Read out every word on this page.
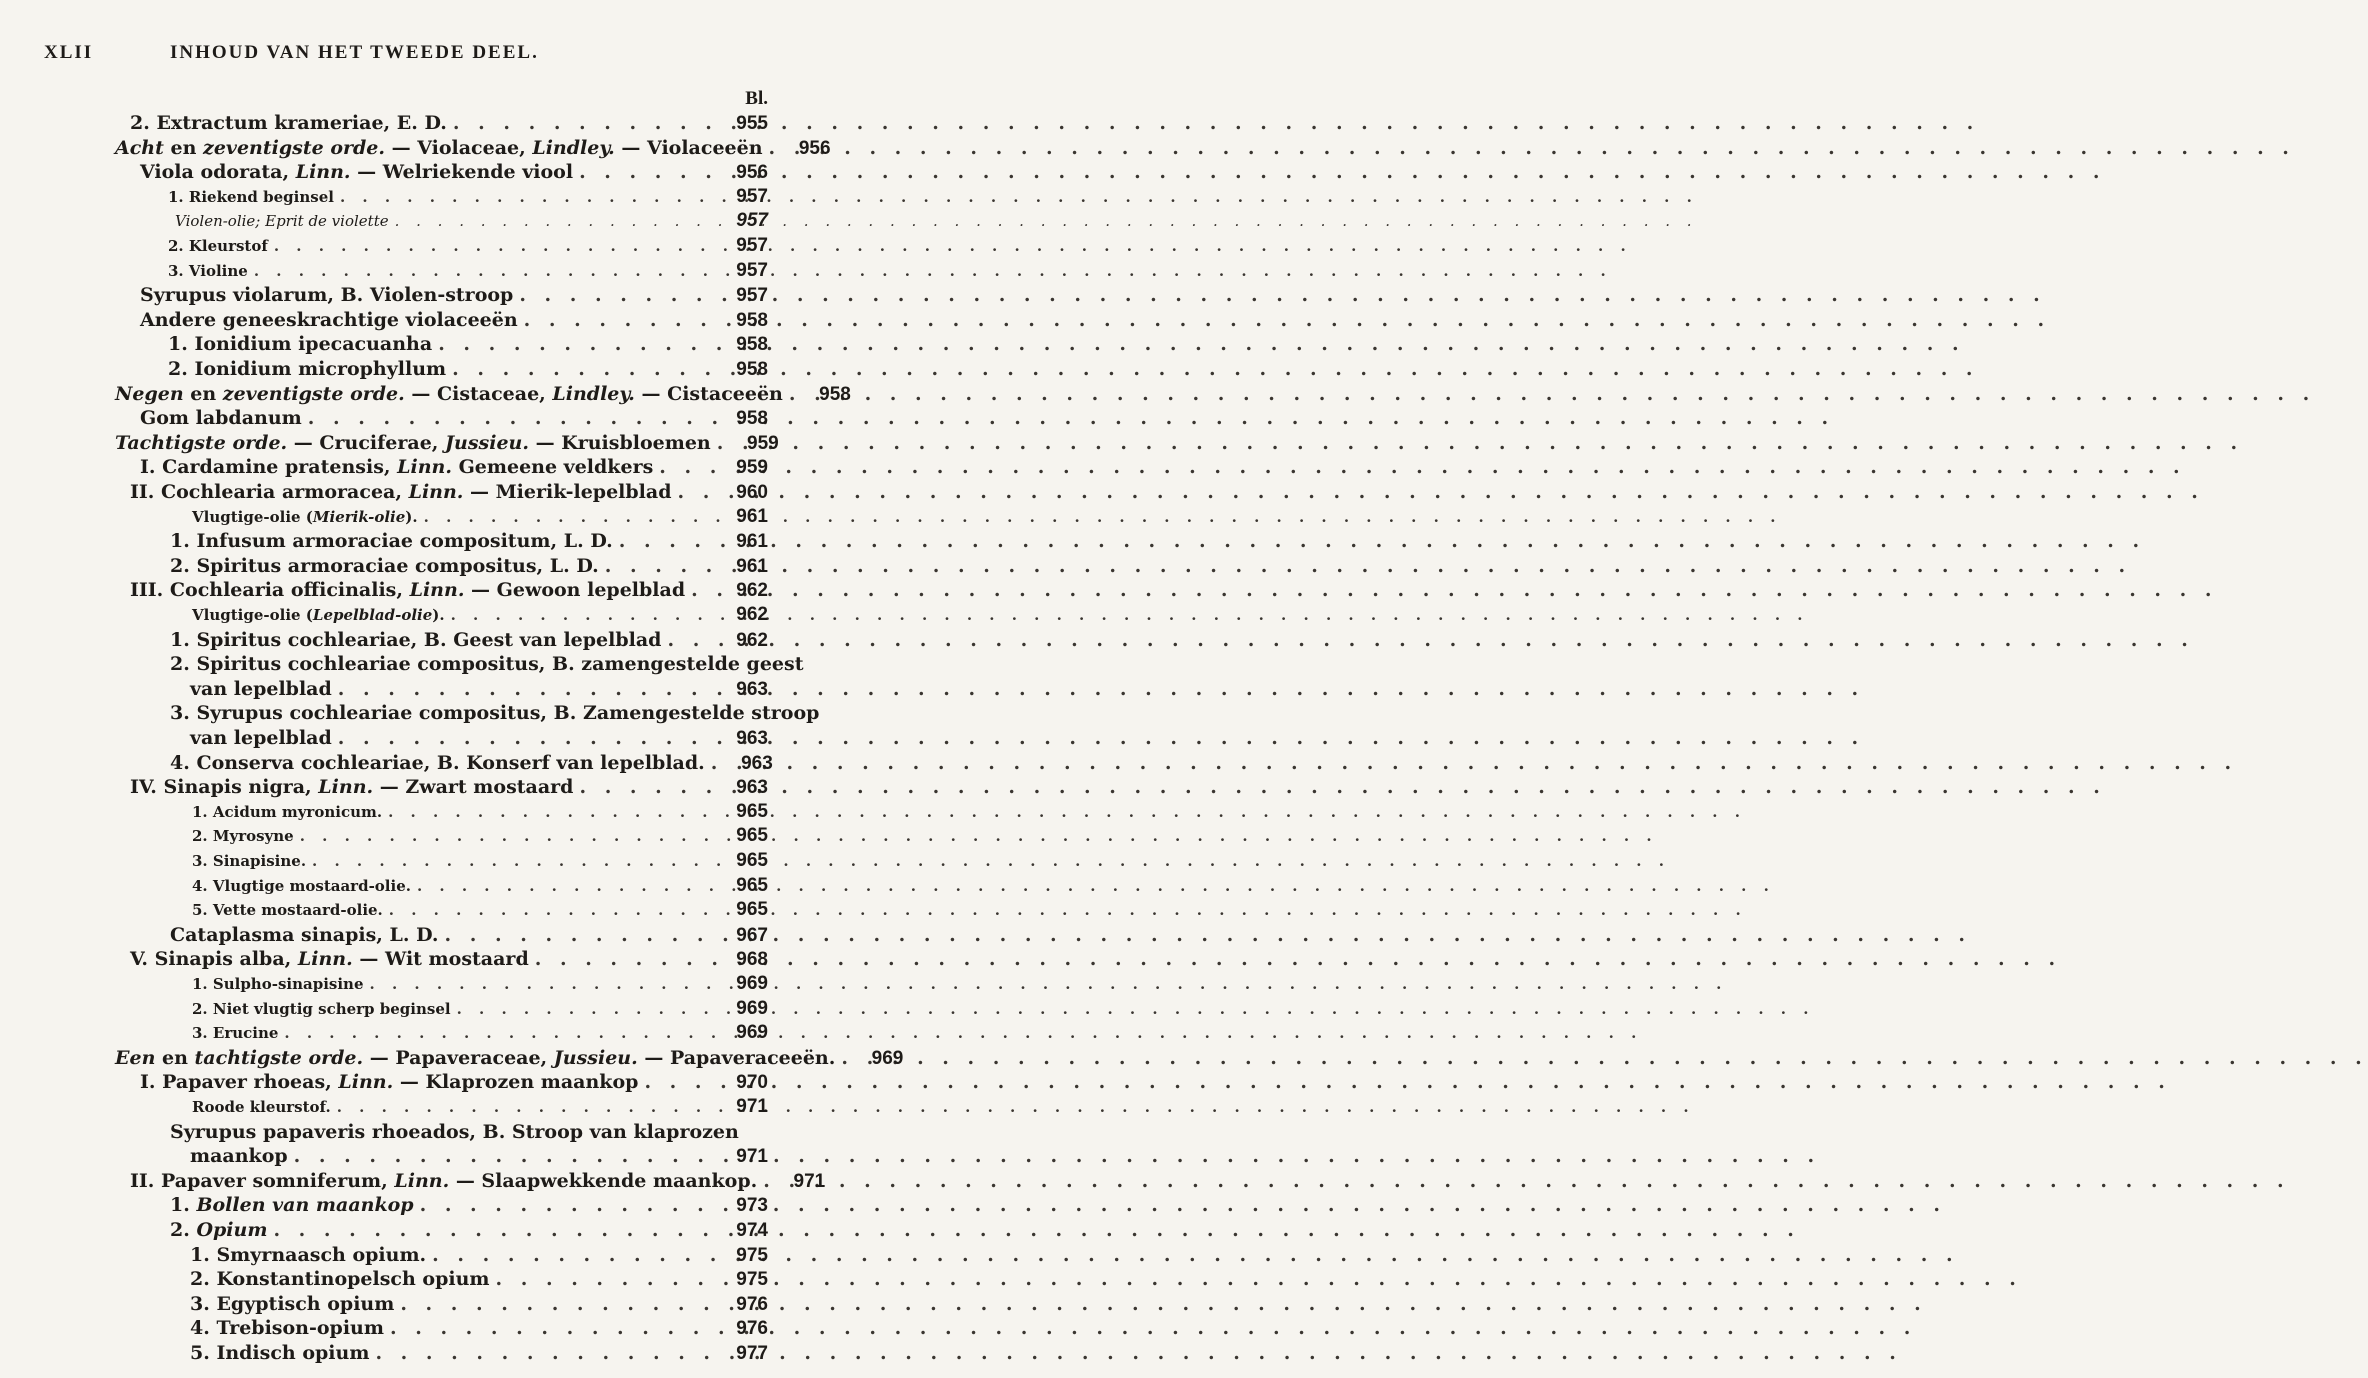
XLII	INHOUD VAN HET TWEEDE DEEL.
Bl.
2. Extractum krameriae, E. D. . . .	955
Acht en zeventigste orde. — Violaceae, Lindley. — Violaceeën . . .	956
Viola odorata, Linn. — Welriekende viool . . .	956
1. Riekend beginsel . . .	957
Violen-olie; Eprit de violette . . .	957
2. Kleurstof . . .	957
3. Violine . . .	957
Syrupus violarum, B. Violen-stroop . . .	957
Andere geneeskrachtige violaceeën . . .	958
1. Ionidium ipecacuanha . . .	958
2. Ionidium microphyllum . . .	958
Negen en zeventigste orde. — Cistaceae, Lindley. — Cistaceeën . . .	958
Gom labdanum . . .	958
Tachtigste orde. — Cruciferae, Jussieu. — Kruisbloemen . . .	959
I. Cardamine pratensis, Linn. Gemeene veldkers . . .	959
II. Cochlearia armoracea, Linn. — Mierik-lepelblad . . .	960
Vlugtige-olie (Mierik-olie). . . .	961
1. Infusum armoraciae compositum, L. D. . . .	961
2. Spiritus armoraciae compositus, L. D. . . .	961
III. Cochlearia officinalis, Linn. — Gewoon lepelblad . . .	962
Vlugtige-olie (Lepelblad-olie). . . .	962
1. Spiritus cochleariae, B. Geest van lepelblad . . .	962
2. Spiritus cochleariae compositus, B. zamengestelde geest
van lepelblad . . .	963
3. Syrupus cochleariae compositus, B. Zamengestelde stroop
van lepelblad . . .	963
4. Conserva cochleariae, B. Konserf van lepelblad. . . .	963
IV. Sinapis nigra, Linn. — Zwart mostaard . . .	963
1. Acidum myronicum. . . .	965
2. Myrosyne . . .	965
3. Sinapisine. . . .	965
4. Vlugtige mostaard-olie. . . .	965
5. Vette mostaard-olie. . . .	965
Cataplasma sinapis, L. D. . . .	967
V. Sinapis alba, Linn. — Wit mostaard . . .	968
1. Sulpho-sinapisine . . .	969
2. Niet vlugtig scherp beginsel . . .	969
3. Erucine . . .	969
Een en tachtigste orde. — Papaveraceae, Jussieu. — Papaveraceeën. . . .	969
I. Papaver rhoeas, Linn. — Klaprozen maankop . . .	970
Roode kleurstof. . . .	971
Syrupus papaveris rhoeados, B. Stroop van klaprozen
maankop . . .	971
II. Papaver somniferum, Linn. — Slaapwekkende maankop. . . .	971
1. Bollen van maankop . . .	973
2. Opium . . .	974
1. Smyrnaasch opium. . . .	975
2. Konstantinopelsch opium . . .	975
3. Egyptisch opium . . .	976
4. Trebison-opium . . .	976
5. Indisch opium . . .	977
